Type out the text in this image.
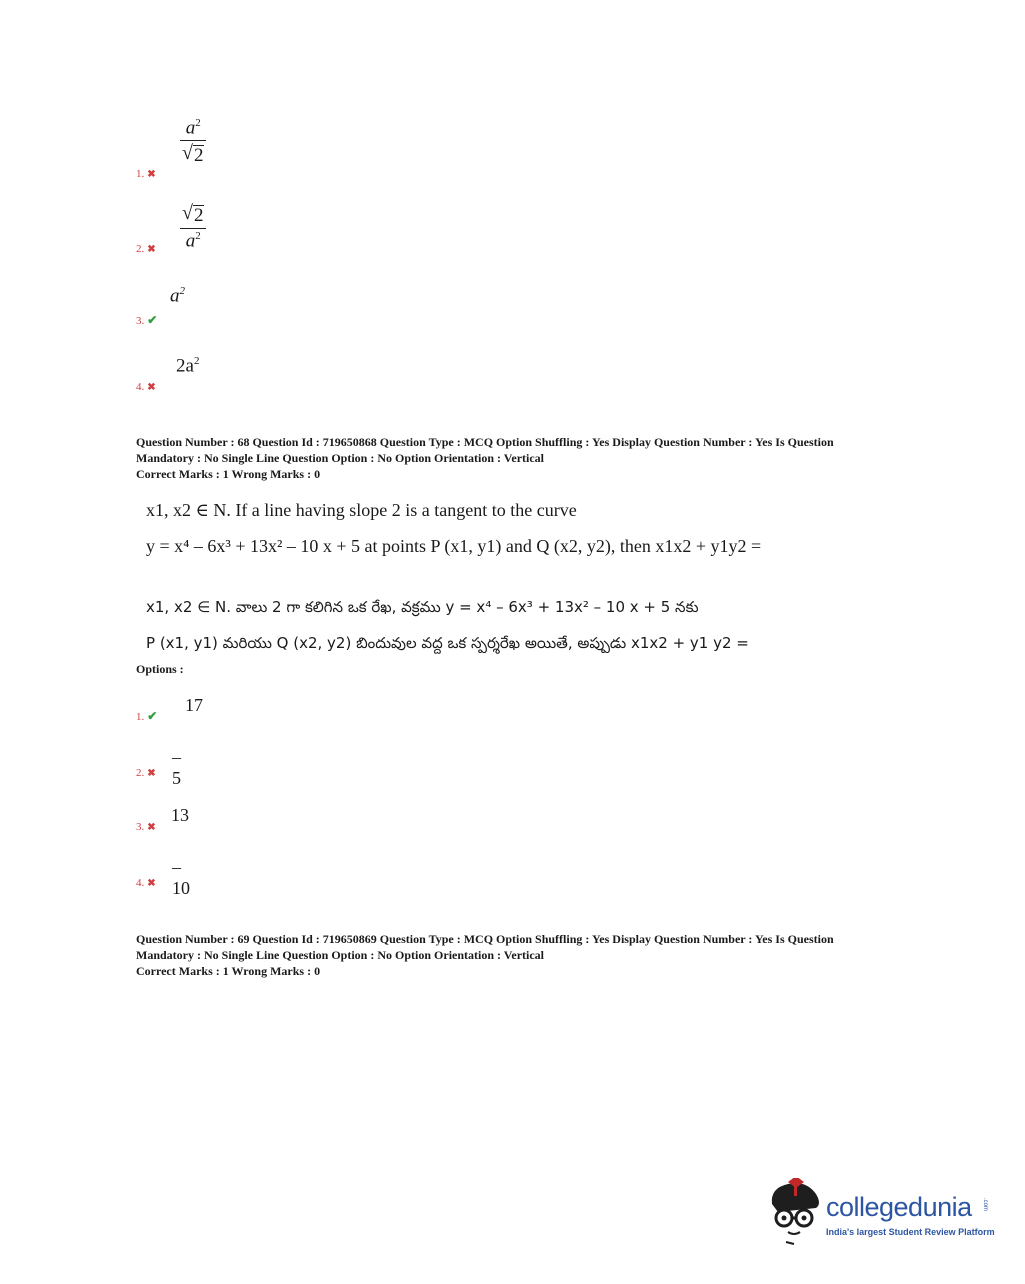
1. ✖
$a^2$
√ 2
2. ✖
√ 2
$a^2$
3. ✔
$a^2$
4. ✖
$2a^2$
Question Number : 68 Question Id : 719650868 Question Type : MCQ Option Shuffling : Yes Display Question Number : Yes Is Question
Mandatory : No Single Line Question Option : No Option Orientation : Vertical
Correct Marks : 1 Wrong Marks : 0
x1, x2 ∈ N. If a line having slope 2 is a tangent to the curve
y = x⁴ – 6x³ + 13x² – 10 x + 5 at points P (x1, y1) and Q (x2, y2), then x1x2 + y1y2 =
x1, x2 ∈ N. వాలు 2 గా కలిగిన ఒక రేఖ, వక్రము y = x⁴ – 6x³ + 13x² – 10 x + 5 నకు
P (x1, y1) మరియు Q (x2, y2) బిందువుల వద్ద ఒక స్పర్శరేఖ అయితే, అప్పుడు x1x2 + y1 y2 =
Options :
1. ✔
17
2. ✖
–5
3. ✖
13
4. ✖
–10
Question Number : 69 Question Id : 719650869 Question Type : MCQ Option Shuffling : Yes Display Question Number : Yes Is Question
Mandatory : No Single Line Question Option : No Option Orientation : Vertical
Correct Marks : 1 Wrong Marks : 0
collegedunia .com
India's largest Student Review Platform
